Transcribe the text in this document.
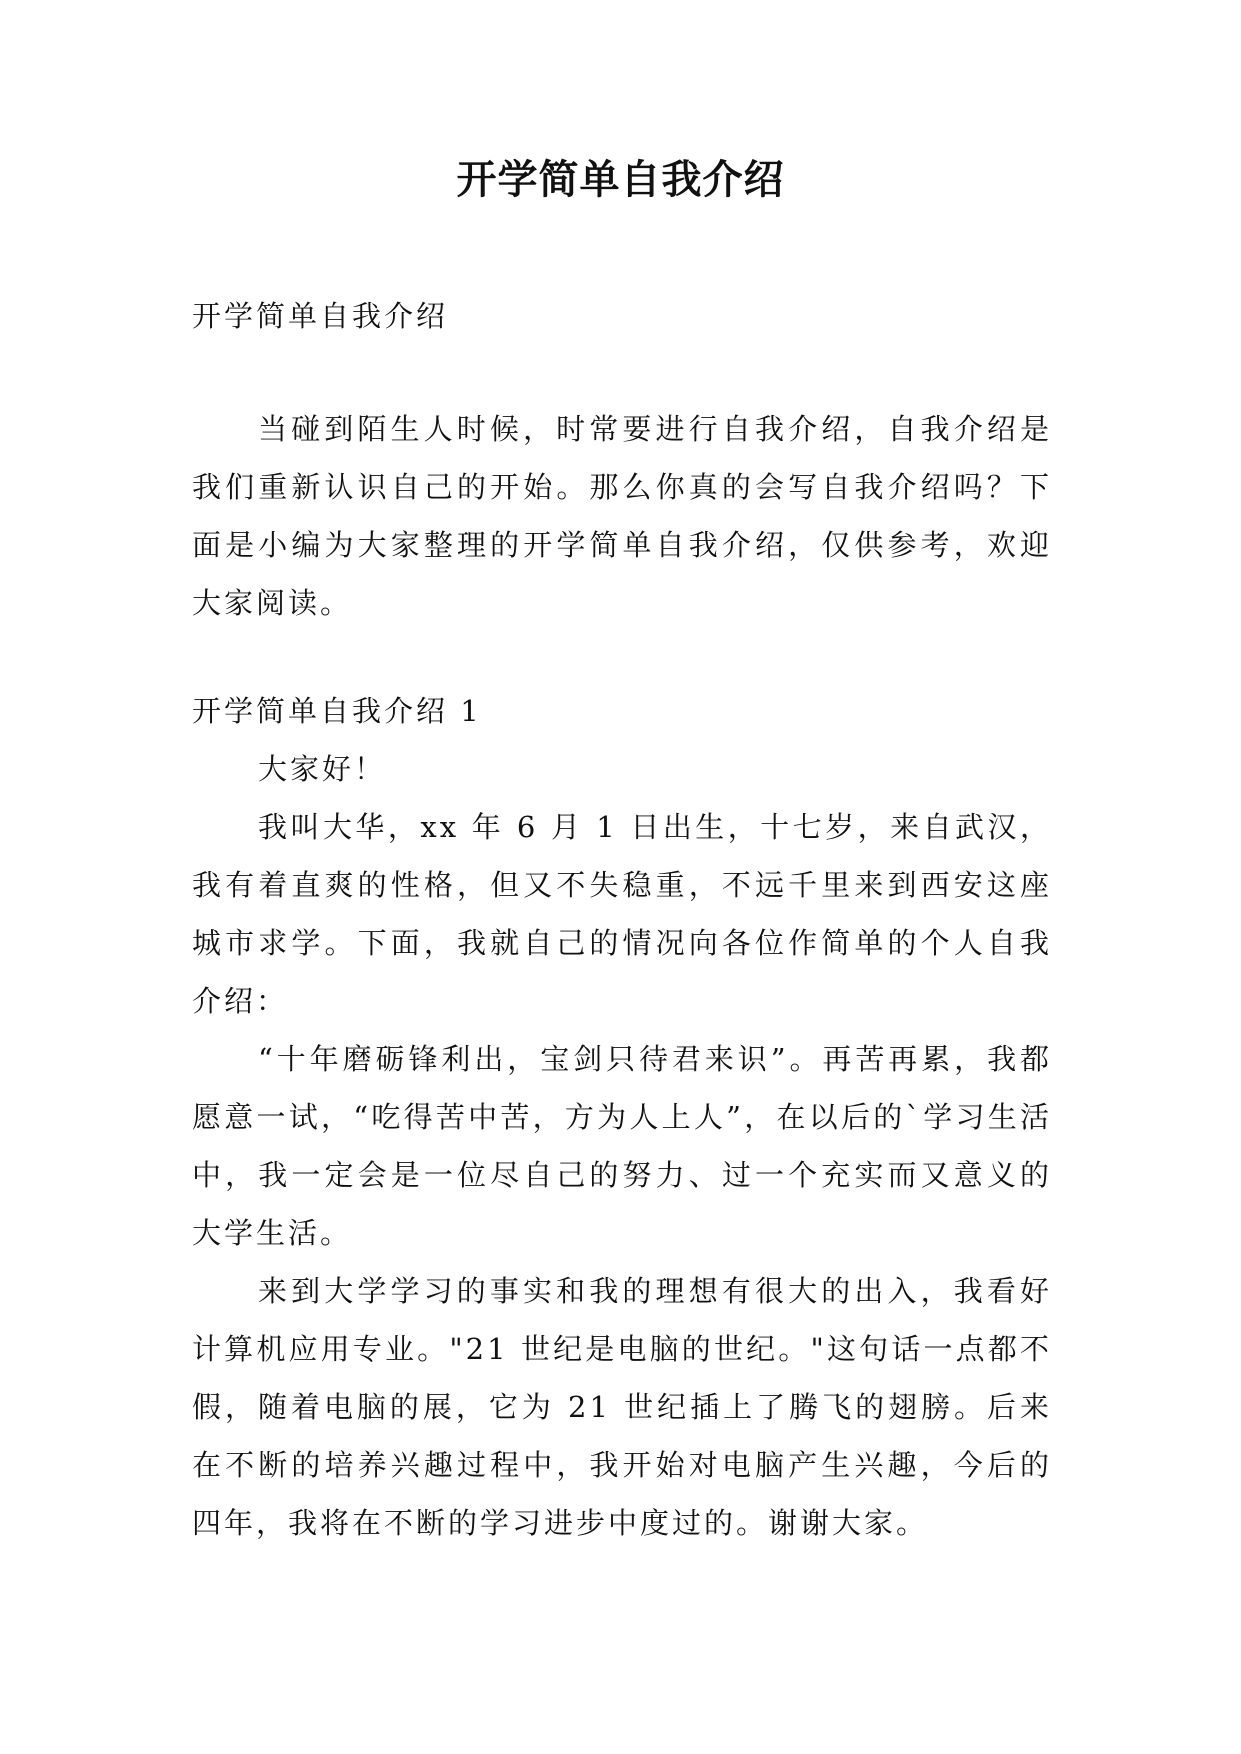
开学简单自我介绍

开学简单自我介绍

当碰到陌生人时候，时常要进行自我介绍，自我介绍是我们重新认识自己的开始。那么你真的会写自我介绍吗？下面是小编为大家整理的开学简单自我介绍，仅供参考，欢迎大家阅读。

开学简单自我介绍 1

大家好！

我叫大华，xx 年 6 月 1 日出生，十七岁，来自武汉，我有着直爽的性格，但又不失稳重，不远千里来到西安这座城市求学。下面，我就自己的情况向各位作简单的个人自我介绍：

“十年磨砺锋利出，宝剑只待君来识”。再苦再累，我都愿意一试，“吃得苦中苦，方为人上人”，在以后的`学习生活中，我一定会是一位尽自己的努力、过一个充实而又意义的大学生活。

来到大学学习的事实和我的理想有很大的出入，我看好计算机应用专业。"21 世纪是电脑的世纪。"这句话一点都不假，随着电脑的展，它为 21 世纪插上了腾飞的翅膀。后来在不断的培养兴趣过程中，我开始对电脑产生兴趣，今后的四年，我将在不断的学习进步中度过的。谢谢大家。
